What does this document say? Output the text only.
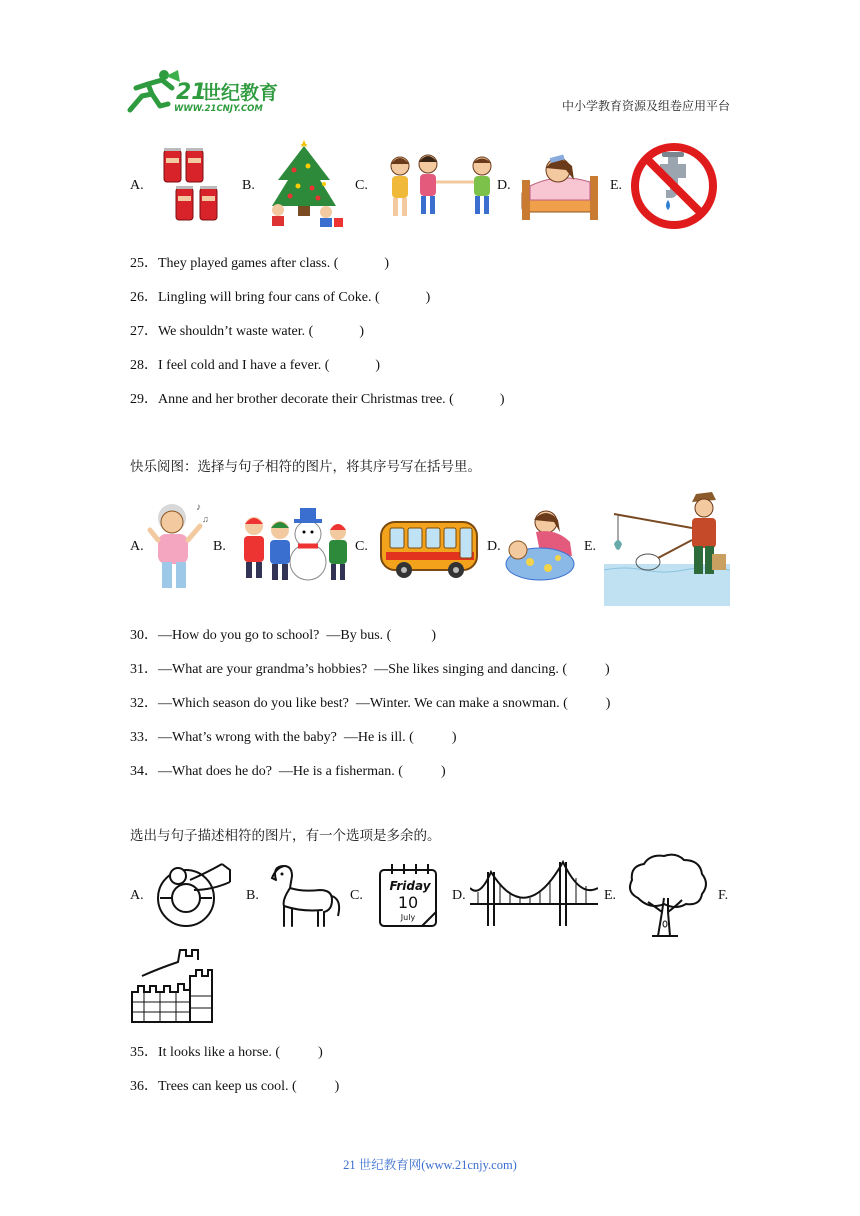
21
世纪教育
WWW.21CNJY.COM	中小学教育资源及组卷应用平台
A.	B.	C.	D.	E.
25．They played games after class. (	)
26．Lingling will bring four cans of Coke. (	)
27．We shouldn’t waste water. (	)
28．I feel cold and I have a fever. (	)
29．Anne and her brother decorate their Christmas tree. (	)
快乐阅图：选择与句子相符的图片，将其序号写在括号里。
A.
♪
♫
B.	C.	D.	E.
30．—How do you go to school?  —By bus. (	)
31．—What are your grandma’s hobbies?  —She likes singing and dancing. (	)
32．—Which season do you like best?  —Winter. We can make a snowman. (	)
33．—What’s wrong with the baby?  —He is ill. (	)
34．—What does he do?  —He is a fisherman. (	)
选出与句子描述相符的图片，有一个选项是多余的。
A.	B.	C.
Friday
10
July
D.	E.	F.
35．It looks like a horse. (	)
36．Trees can keep us cool. (	)
21 世纪教育网(www.21cnjy.com)
